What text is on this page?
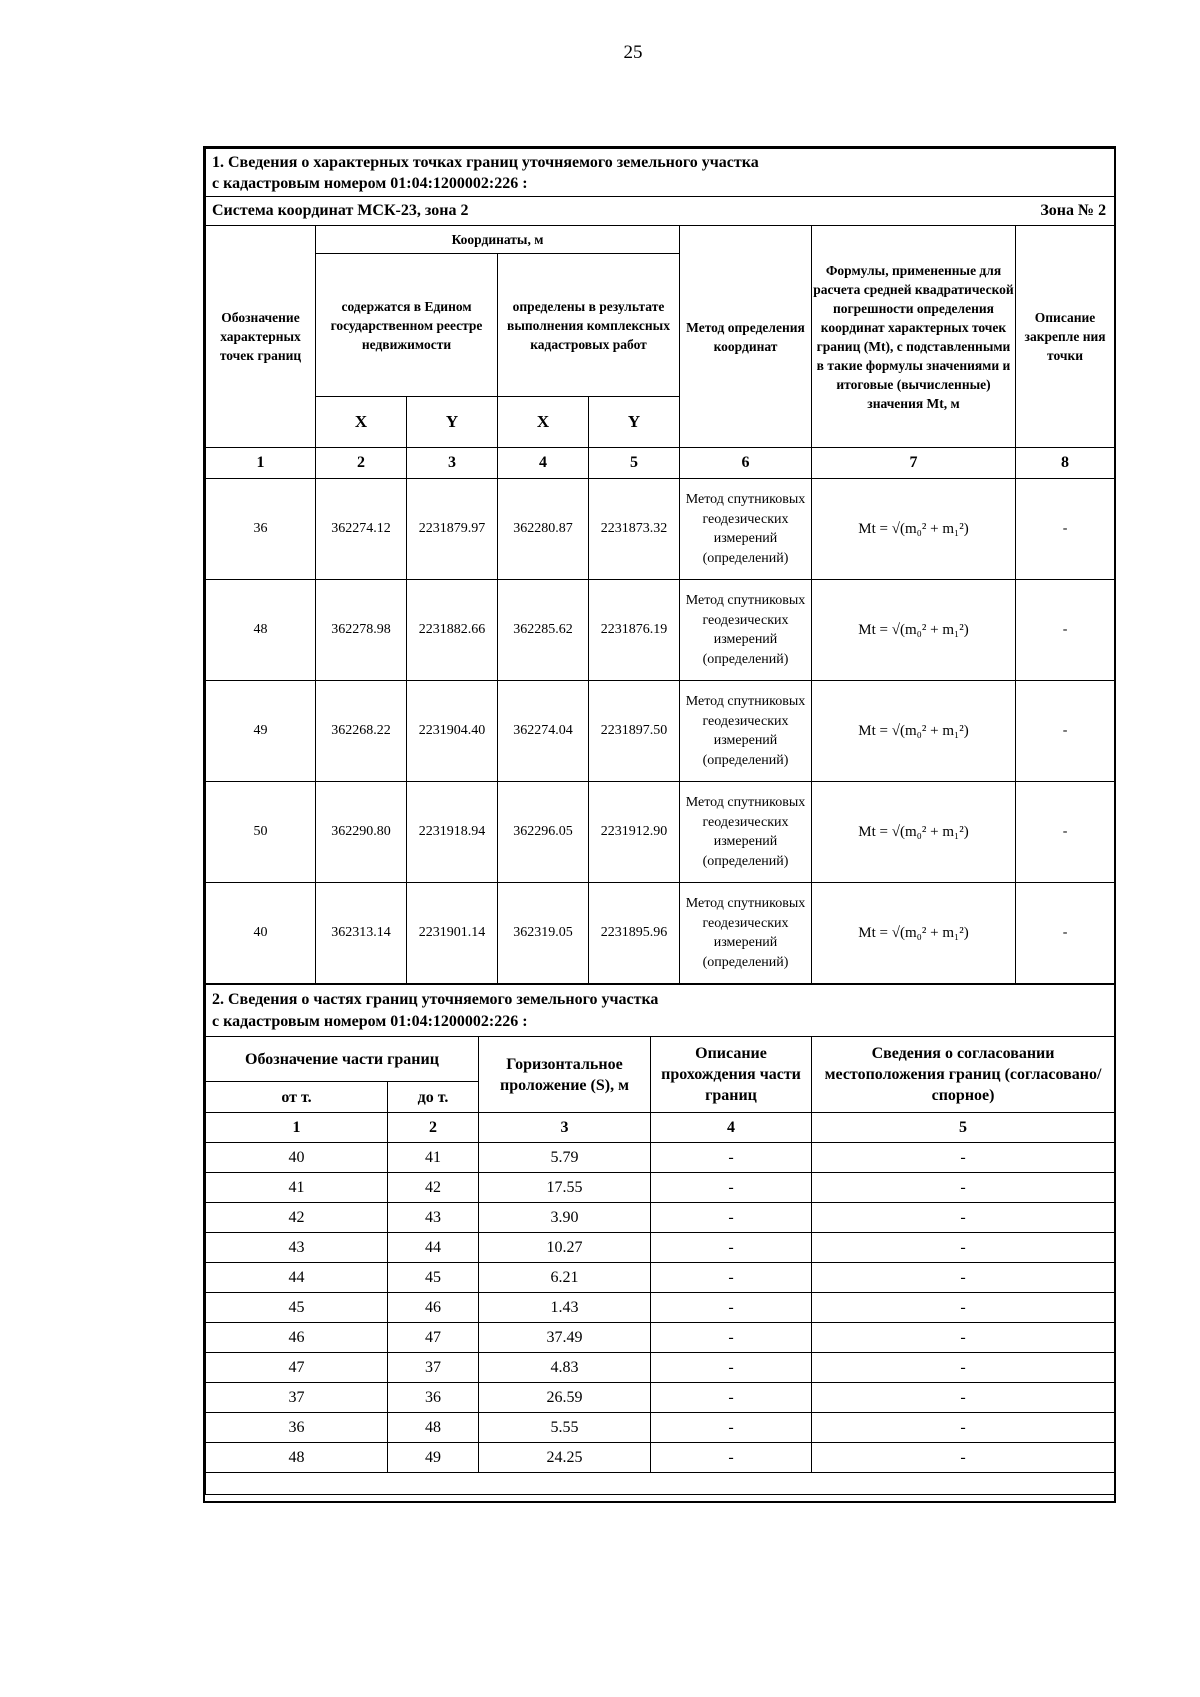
25
1. Сведения о характерных точках границ уточняемого земельного участка
с кадастровым номером 01:04:1200002:226 :							
Система координат МСК-23, зона 2 Зона № 2							

Обозначение характерных точек границ	Координаты, м				Метод определения координат	Формулы, примененные для расчета средней квадратической погрешности определения координат характерных точек границ (Mt), с подставленными в такие формулы значениями и итоговые (вычисленные) значения Mt, м	Описание закрепле ния точки
	содержатся в Едином государственном реестре недвижимости		определены в результате выполнения комплексных кадастровых работ				
	X	Y	X	Y			
1	2	3	4	5	6	7	8
36	362274.12	2231879.97	362280.87	2231873.32	Метод спутниковых геодезических измерений (определений)	Mt = √(m₀² + m₁²)	-
48	362278.98	2231882.66	362285.62	2231876.19	Метод спутниковых геодезических измерений (определений)	Mt = √(m₀² + m₁²)	-
49	362268.22	2231904.40	362274.04	2231897.50	Метод спутниковых геодезических измерений (определений)	Mt = √(m₀² + m₁²)	-
50	362290.80	2231918.94	362296.05	2231912.90	Метод спутниковых геодезических измерений (определений)	Mt = √(m₀² + m₁²)	-
40	362313.14	2231901.14	362319.05	2231895.96	Метод спутниковых геодезических измерений (определений)	Mt = √(m₀² + m₁²)	-
2. Сведения о частях границ уточняемого земельного участка
с кадастровым номером 01:04:1200002:226 :				
Обозначение части границ		Горизонтальное проложение (S), м	Описание прохождения части границ	Сведения о согласовании местоположения границ (согласовано/спорное)
от т.	до т.			
1	2	3	4	5
40	41	5.79	-	-
41	42	17.55	-	-
42	43	3.90	-	-
43	44	10.27	-	-
44	45	6.21	-	-
45	46	1.43	-	-
46	47	37.49	-	-
47	37	4.83	-	-
37	36	26.59	-	-
36	48	5.55	-	-
48	49	24.25	-	-
